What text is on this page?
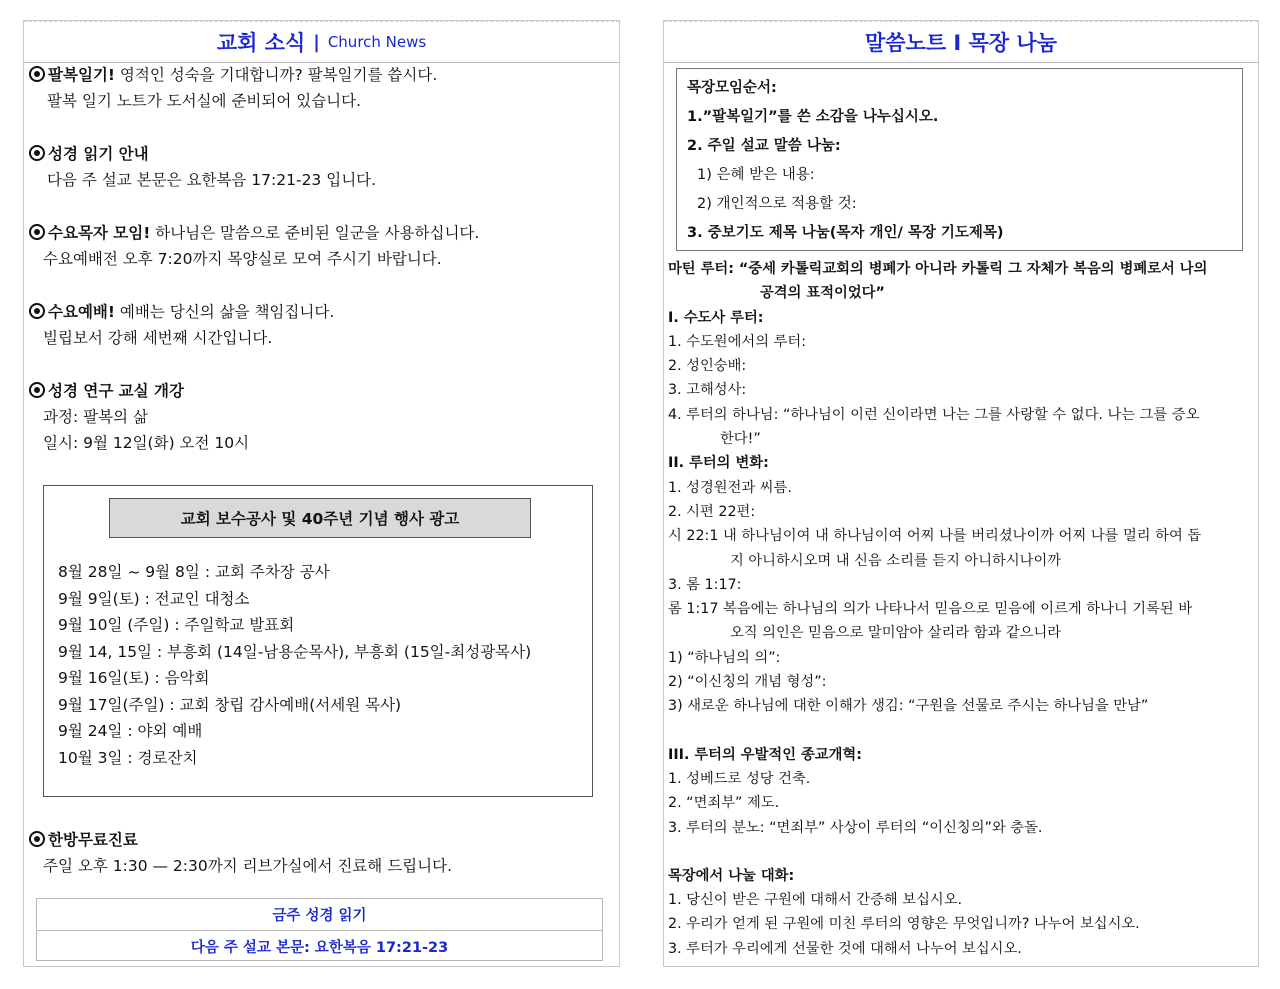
교회 소식 | Church News
팔복일기! 영적인 성숙을 기대합니까? 팔복일기를 씁시다.
팔복 일기 노트가 도서실에 준비되어 있습니다.
성경 읽기 안내
다음 주 설교 본문은 요한복음 17:21-23 입니다.
수요목자 모임! 하나님은 말씀으로 준비된 일군을 사용하십니다.
수요예배전 오후 7:20까지 목양실로 모여 주시기 바랍니다.
수요예배! 예배는 당신의 삶을 책임집니다.
빌립보서 강해 세번째 시간입니다.
성경 연구 교실 개강
과정: 팔복의 삶
일시: 9월 12일(화) 오전 10시
교회 보수공사 및 40주년 기념 행사 광고
8월 28일 ~ 9월 8일 : 교회 주차장 공사
9월 9일(토) : 전교인 대청소
9월 10일 (주일) : 주일학교 발표회
9월 14, 15일 : 부흥회 (14일-남용순목사), 부흥회 (15일-최성광목사)
9월 16일(토) : 음악회
9월 17일(주일) : 교회 창립 감사예배(서세원 목사)
9월 24일 : 야외 예배
10월 3일 : 경로잔치
한방무료진료
주일 오후 1:30 — 2:30까지 리브가실에서 진료해 드립니다.
금주 성경 읽기
다음 주 설교 본문: 요한복음 17:21-23
말씀노트 I 목장 나눔
목장모임순서:
1.”팔복일기”를 쓴 소감을 나누십시오.
2. 주일 설교 말씀 나눔:
1) 은혜 받은 내용:
2) 개인적으로 적용할 것:
3. 중보기도 제목 나눔(목자 개인/ 목장 기도제목)
마틴 루터: “중세 카톨릭교회의 병폐가 아니라 카톨릭 그 자체가 복음의 병폐로서 나의
공격의 표적이었다”
I. 수도사 루터:
1. 수도원에서의 루터:
2. 성인숭배:
3. 고해성사:
4. 루터의 하나님: “하나님이 이런 신이라면 나는 그를 사랑할 수 없다. 나는 그를 증오
한다!”
II. 루터의 변화:
1. 성경원전과 씨름.
2. 시편 22편:
시 22:1 내 하나님이여 내 하나님이여 어찌 나를 버리셨나이까 어찌 나를 멀리 하여 돕
지 아니하시오며 내 신음 소리를 듣지 아니하시나이까
3. 롬 1:17:
롬 1:17 복음에는 하나님의 의가 나타나서 믿음으로 믿음에 이르게 하나니 기록된 바
오직 의인은 믿음으로 말미암아 살리라 함과 같으니라
1) “하나님의 의”:
2) “이신칭의 개념 형성”:
3) 새로운 하나님에 대한 이해가 생김: “구원을 선물로 주시는 하나님을 만남”
III. 루터의 우발적인 종교개혁:
1. 성베드로 성당 건축.
2. “면죄부” 제도.
3. 루터의 분노: “면죄부” 사상이 루터의 “이신칭의”와 충돌.
목장에서 나눌 대화:
1. 당신이 받은 구원에 대해서 간증해 보십시오.
2. 우리가 얻게 된 구원에 미친 루터의 영향은 무엇입니까? 나누어 보십시오.
3. 루터가 우리에게 선물한 것에 대해서 나누어 보십시오.
